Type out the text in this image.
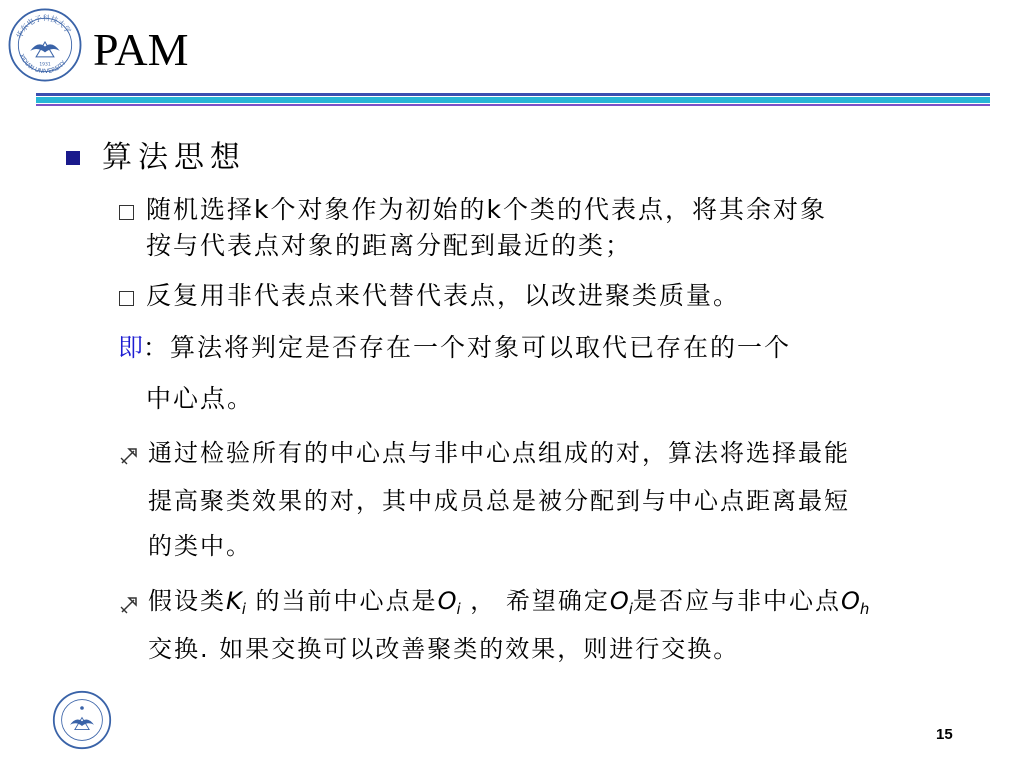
华东电子科技大学
XIDIAN UNIVERSITY
1931 PAM
算法思想
随机选择k个对象作为初始的k个类的代表点，将其余对象
按与代表点对象的距离分配到最近的类；
反复用非代表点来代替代表点，以改进聚类质量。
即
：算法将判定是否存在一个对象可以取代已存在的一个
中心点。
通过检验所有的中心点与非中心点组成的对，算法将选择最能
提高聚类效果的对，其中成员总是被分配到与中心点距离最短
的类中。
假设类$K_i$ 的当前中心点是$O_i$ ， 希望确定$O_i$是否应与非中心点$O_h$
交换. 如果交换可以改善聚类的效果，则进行交换。
15
